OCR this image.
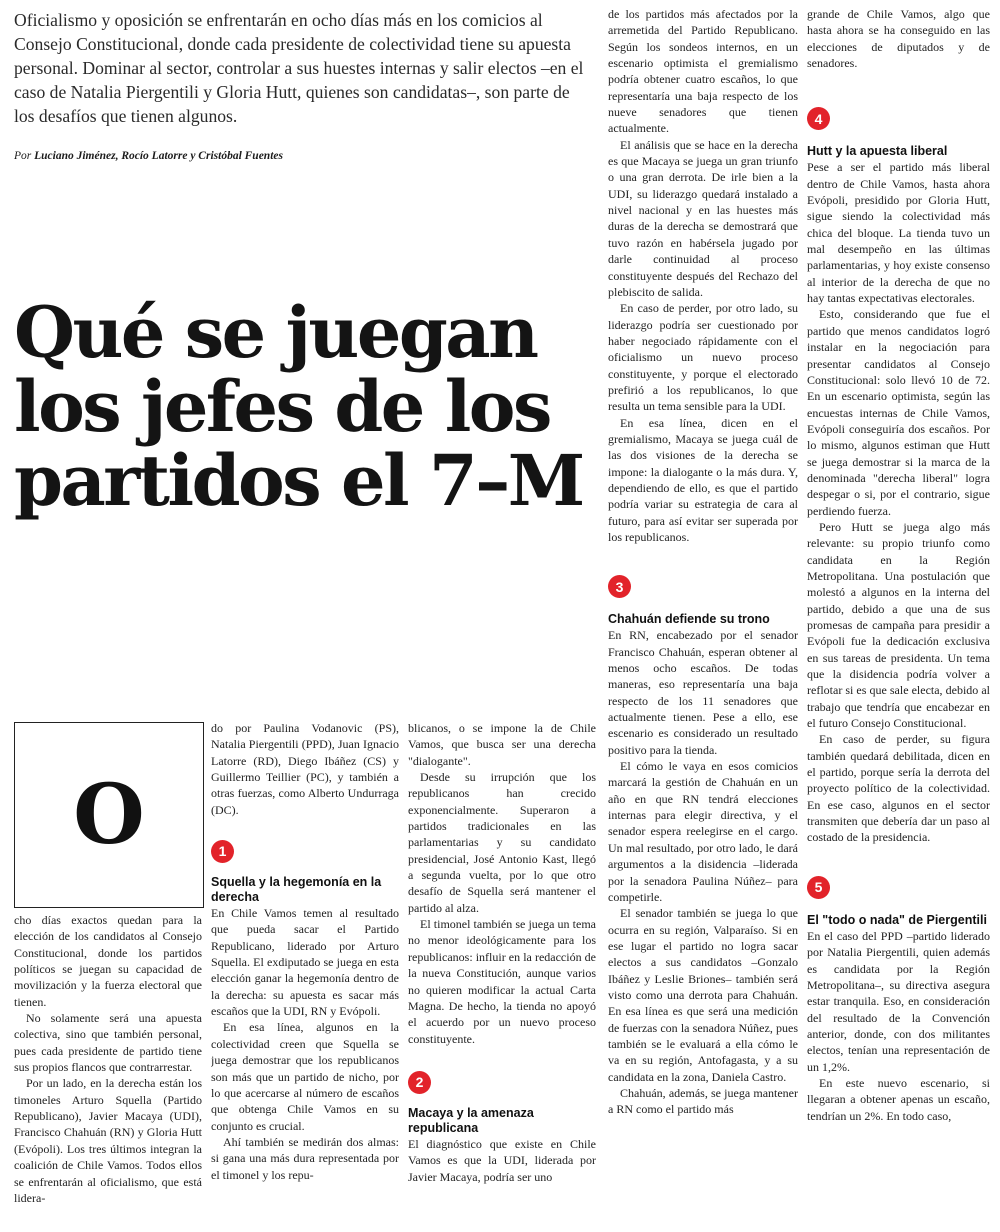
Oficialismo y oposición se enfrentarán en ocho días más en los comicios al Consejo Constitucional, donde cada presidente de colectividad tiene su apuesta personal. Dominar al sector, controlar a sus huestes internas y salir electos –en el caso de Natalia Piergentili y Gloria Hutt, quienes son candidatas–, son parte de los desafíos que tienen algunos.
Por Luciano Jiménez, Rocío Latorre y Cristóbal Fuentes
Qué se juegan los jefes de los partidos el 7–M
O

cho días exactos quedan para la elección de los candidatos al Consejo Constitucional, donde los partidos políticos se juegan su capacidad de movilización y la fuerza electoral que tienen.

No solamente será una apuesta colectiva, sino que también personal, pues cada presidente de partido tiene sus propios flancos que contrarrestar.

Por un lado, en la derecha están los timoneles Arturo Squella (Partido Republicano), Javier Macaya (UDI), Francisco Chahuán (RN) y Gloria Hutt (Evópoli). Los tres últimos integran la coalición de Chile Vamos. Todos ellos se enfrentarán al oficialismo, que está lidera-

do por Paulina Vodanovic (PS), Natalia Piergentili (PPD), Juan Ignacio Latorre (RD), Diego Ibáñez (CS) y Guillermo Teillier (PC), y también a otras fuerzas, como Alberto Undurraga (DC).

1
Squella y la hegemonía en la derecha

En Chile Vamos temen al resultado que pueda sacar el Partido Republicano, liderado por Arturo Squella. El exdiputado se juega en esta elección ganar la hegemonía dentro de la derecha: su apuesta es sacar más escaños que la UDI, RN y Evópoli.

En esa línea, algunos en la colectividad creen que Squella se juega demostrar que los republicanos son más que un partido de nicho, por lo que acercarse al número de escaños que obtenga Chile Vamos en su conjunto es crucial.

Ahí también se medirán dos almas: si gana una más dura representada por el timonel y los repu-

blicanos, o se impone la de Chile Vamos, que busca ser una derecha "dialogante".

Desde su irrupción que los republicanos han crecido exponencialmente. Superaron a partidos tradicionales en las parlamentarias y su candidato presidencial, José Antonio Kast, llegó a segunda vuelta, por lo que otro desafío de Squella será mantener el partido al alza.

El timonel también se juega un tema no menor ideológicamente para los republicanos: influir en la redacción de la nueva Constitución, aunque varios no quieren modificar la actual Carta Magna. De hecho, la tienda no apoyó el acuerdo por un nuevo proceso constituyente.

2
Macaya y la amenaza republicana

El diagnóstico que existe en Chile Vamos es que la UDI, liderada por Javier Macaya, podría ser uno

de los partidos más afectados por la arremetida del Partido Republicano. Según los sondeos internos, en un escenario optimista el gremialismo podría obtener cuatro escaños, lo que representaría una baja respecto de los nueve senadores que tienen actualmente.

El análisis que se hace en la derecha es que Macaya se juega un gran triunfo o una gran derrota. De irle bien a la UDI, su liderazgo quedará instalado a nivel nacional y en las huestes más duras de la derecha se demostrará que tuvo razón en habérsela jugado por darle continuidad al proceso constituyente después del Rechazo del plebiscito de salida.

En caso de perder, por otro lado, su liderazgo podría ser cuestionado por haber negociado rápidamente con el oficialismo un nuevo proceso constituyente, y porque el electorado prefirió a los republicanos, lo que resulta un tema sensible para la UDI.

En esa línea, dicen en el gremialismo, Macaya se juega cuál de las dos visiones de la derecha se impone: la dialogante o la más dura. Y, dependiendo de ello, es que el partido podría variar su estrategia de cara al futuro, para así evitar ser superada por los republicanos.

3
Chahuán defiende su trono

En RN, encabezado por el senador Francisco Chahuán, esperan obtener al menos ocho escaños. De todas maneras, eso representaría una baja respecto de los 11 senadores que actualmente tienen. Pese a ello, ese escenario es considerado un resultado positivo para la tienda.

El cómo le vaya en esos comicios marcará la gestión de Chahuán en un año en que RN tendrá elecciones internas para elegir directiva, y el senador espera reelegirse en el cargo. Un mal resultado, por otro lado, le dará argumentos a la disidencia –liderada por la senadora Paulina Núñez– para competirle.

El senador también se juega lo que ocurra en su región, Valparaíso. Si en ese lugar el partido no logra sacar electos a sus candidatos –Gonzalo Ibáñez y Leslie Briones– también será visto como una derrota para Chahuán. En esa línea es que será una medición de fuerzas con la senadora Núñez, pues también se le evaluará a ella cómo le va en su región, Antofagasta, y a su candidata en la zona, Daniela Castro.

Chahuán, además, se juega mantener a RN como el partido más

grande de Chile Vamos, algo que hasta ahora se ha conseguido en las elecciones de diputados y de senadores.

4
Hutt y la apuesta liberal

Pese a ser el partido más liberal dentro de Chile Vamos, hasta ahora Evópoli, presidido por Gloria Hutt, sigue siendo la colectividad más chica del bloque. La tienda tuvo un mal desempeño en las últimas parlamentarias, y hoy existe consenso al interior de la derecha de que no hay tantas expectativas electorales.

Esto, considerando que fue el partido que menos candidatos logró instalar en la negociación para presentar candidatos al Consejo Constitucional: solo llevó 10 de 72. En un escenario optimista, según las encuestas internas de Chile Vamos, Evópoli conseguiría dos escaños. Por lo mismo, algunos estiman que Hutt se juega demostrar si la marca de la denominada "derecha liberal" logra despegar o si, por el contrario, sigue perdiendo fuerza.

Pero Hutt se juega algo más relevante: su propio triunfo como candidata en la Región Metropolitana. Una postulación que molestó a algunos en la interna del partido, debido a que una de sus promesas de campaña para presidir a Evópoli fue la dedicación exclusiva en sus tareas de presidenta. Un tema que la disidencia podría volver a reflotar si es que sale electa, debido al trabajo que tendría que encabezar en el futuro Consejo Constitucional.

En caso de perder, su figura también quedará debilitada, dicen en el partido, porque sería la derrota del proyecto político de la colectividad. En ese caso, algunos en el sector transmiten que debería dar un paso al costado de la presidencia.

5
El "todo o nada" de Piergentili

En el caso del PPD –partido liderado por Natalia Piergentili, quien además es candidata por la Región Metropolitana–, su directiva asegura estar tranquila. Eso, en consideración del resultado de la Convención anterior, donde, con dos militantes electos, tenían una representación de un 1,2%.

En este nuevo escenario, si llegaran a obtener apenas un escaño, tendrían un 2%. En todo caso,
